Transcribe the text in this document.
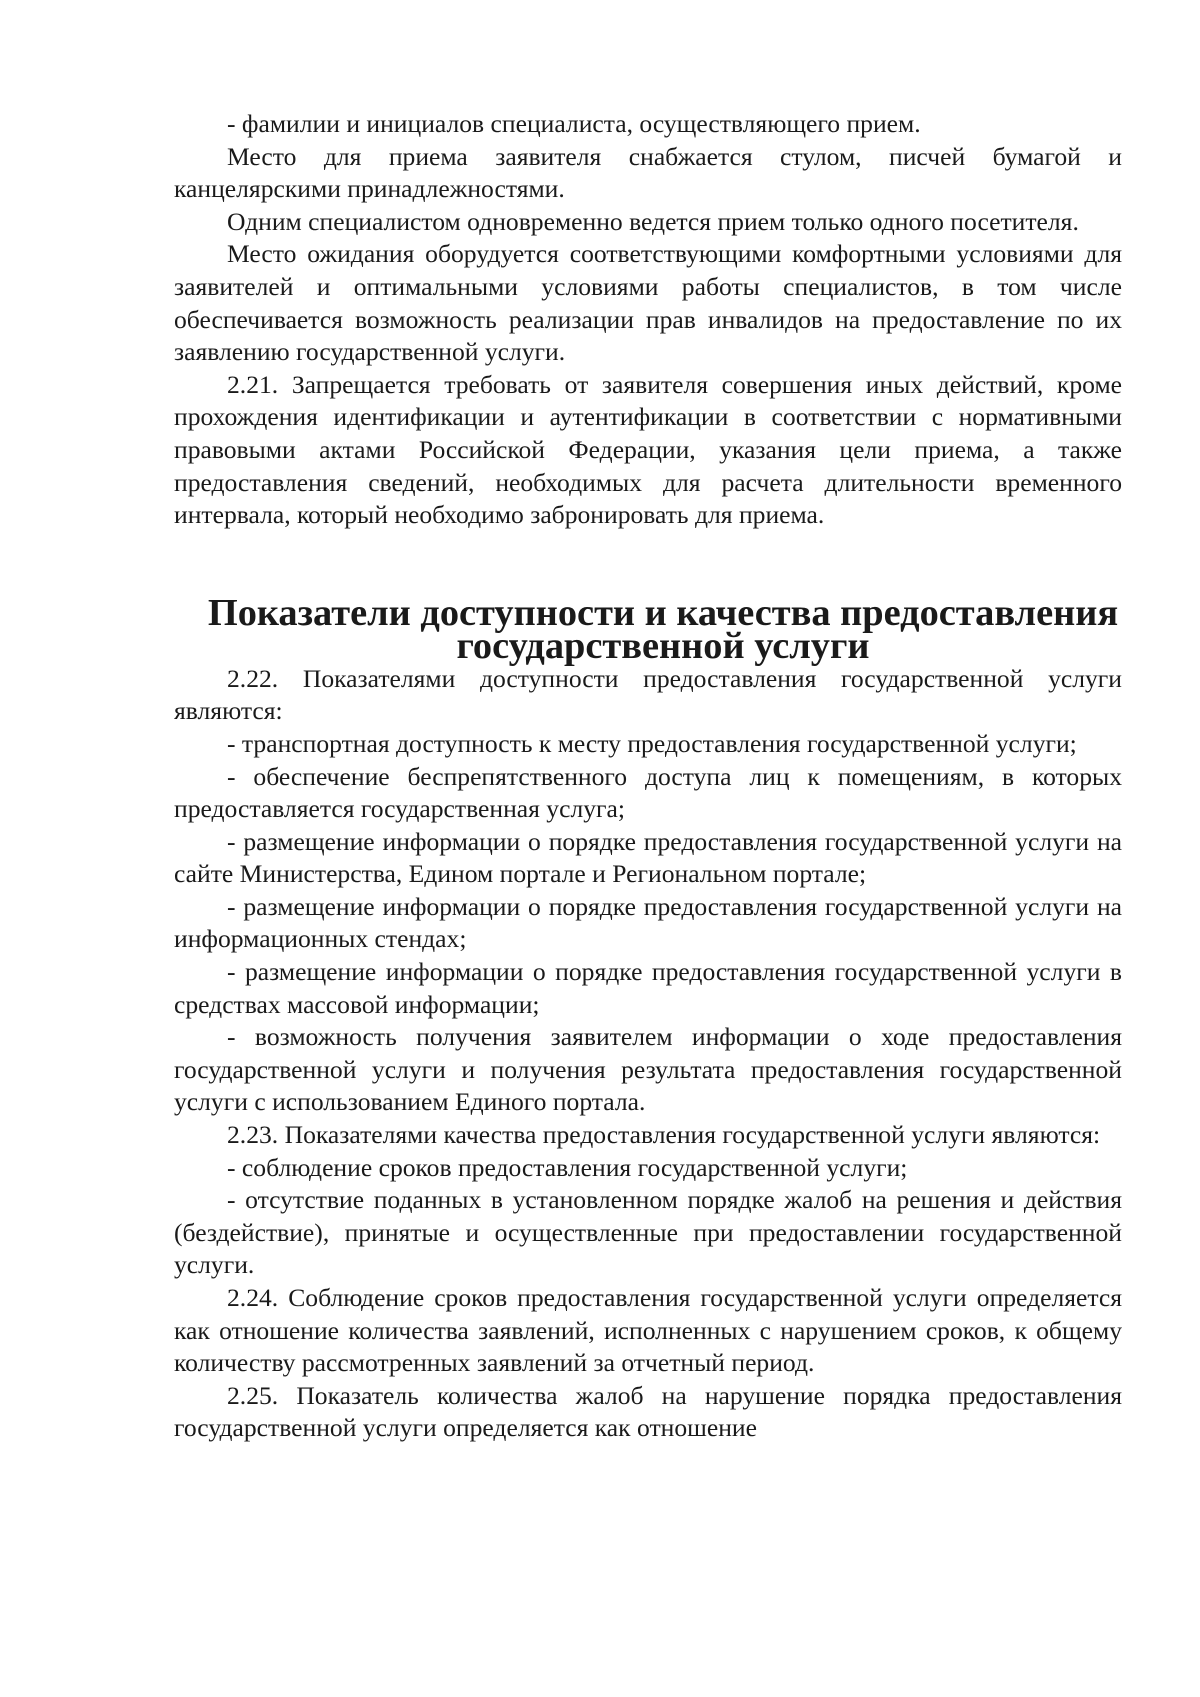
- фамилии и инициалов специалиста, осуществляющего прием.

Место для приема заявителя снабжается стулом, писчей бумагой и канцелярскими принадлежностями.

Одним специалистом одновременно ведется прием только одного посетителя.

Место ожидания оборудуется соответствующими комфортными условиями для заявителей и оптимальными условиями работы специалистов, в том числе обеспечивается возможность реализации прав инвалидов на предоставление по их заявлению государственной услуги.

2.21. Запрещается требовать от заявителя совершения иных действий, кроме прохождения идентификации и аутентификации в соответствии с нормативными правовыми актами Российской Федерации, указания цели приема, а также предоставления сведений, необходимых для расчета длительности временного интервала, который необходимо забронировать для приема.

Показатели доступности и качества предоставления государственной услуги

2.22. Показателями доступности предоставления государственной услуги являются:

- транспортная доступность к месту предоставления государственной услуги;

- обеспечение беспрепятственного доступа лиц к помещениям, в которых предоставляется государственная услуга;

- размещение информации о порядке предоставления государственной услуги на сайте Министерства, Едином портале и Региональном портале;

- размещение информации о порядке предоставления государственной услуги на информационных стендах;

- размещение информации о порядке предоставления государственной услуги в средствах массовой информации;

- возможность получения заявителем информации о ходе предоставления государственной услуги и получения результата предоставления государственной услуги с использованием Единого портала.

2.23. Показателями качества предоставления государственной услуги являются:

- соблюдение сроков предоставления государственной услуги;

- отсутствие поданных в установленном порядке жалоб на решения и действия (бездействие), принятые и осуществленные при предоставлении государственной услуги.

2.24. Соблюдение сроков предоставления государственной услуги определяется как отношение количества заявлений, исполненных с нарушением сроков, к общему количеству рассмотренных заявлений за отчетный период.

2.25. Показатель количества жалоб на нарушение порядка предоставления государственной услуги определяется как отношение
